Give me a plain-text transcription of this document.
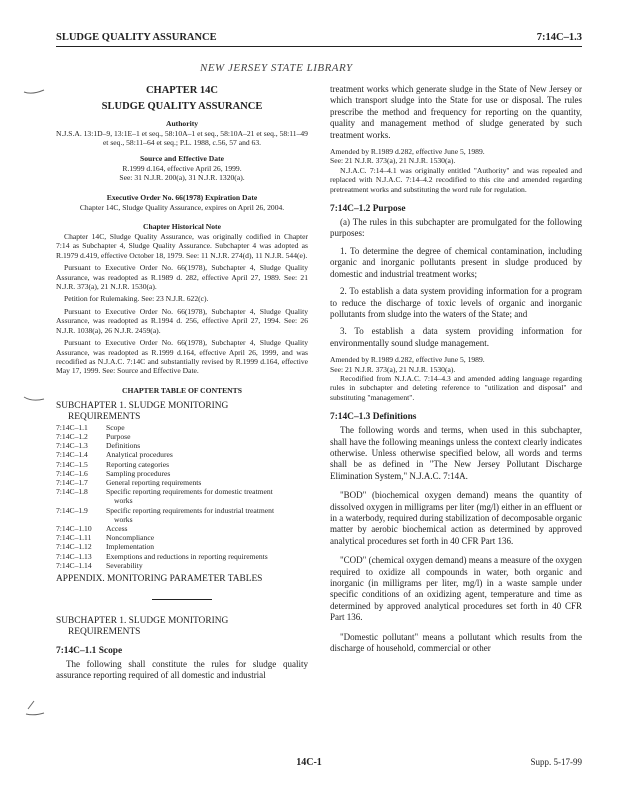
SLUDGE QUALITY ASSURANCE	7:14C–1.3
NEW JERSEY STATE LIBRARY
CHAPTER 14C
SLUDGE QUALITY ASSURANCE
Authority
N.J.S.A. 13:1D–9, 13:1E–1 et seq., 58:10A–1 et seq., 58:10A–21 et seq., 58:11–49 et seq., 58:11–64 et seq.; P.L. 1988, c.56, 57 and 63.
Source and Effective Date
R.1999 d.164, effective April 26, 1999.
See: 31 N.J.R. 200(a), 31 N.J.R. 1320(a).
Executive Order No. 66(1978) Expiration Date
Chapter 14C, Sludge Quality Assurance, expires on April 26, 2004.
Chapter Historical Note

Chapter 14C, Sludge Quality Assurance, was originally codified in Chapter 7:14 as Subchapter 4, Sludge Quality Assurance. Subchapter 4 was adopted as R.1979 d.419, effective October 18, 1979. See: 11 N.J.R. 274(d), 11 N.J.R. 544(e).

Pursuant to Executive Order No. 66(1978), Subchapter 4, Sludge Quality Assurance, was readopted as R.1989 d. 282, effective April 27, 1989. See: 21 N.J.R. 373(a), 21 N.J.R. 1530(a).

Petition for Rulemaking. See: 23 N.J.R. 622(c).

Pursuant to Executive Order No. 66(1978), Subchapter 4, Sludge Quality Assurance, was readopted as R.1994 d. 256, effective April 27, 1994. See: 26 N.J.R. 1038(a), 26 N.J.R. 2459(a).

Pursuant to Executive Order No. 66(1978), Subchapter 4, Sludge Quality Assurance, was readopted as R.1999 d.164, effective April 26, 1999, and was recodified as N.J.A.C. 7:14C and substantially revised by R.1999 d.164, effective May 17, 1999. See: Source and Effective Date.

CHAPTER TABLE OF CONTENTS
SUBCHAPTER 1. SLUDGE MONITORING
REQUIREMENTS
7:14C–1.1 Scope
7:14C–1.2 Purpose
7:14C–1.3 Definitions
7:14C–1.4 Analytical procedures
7:14C–1.5 Reporting categories
7:14C–1.6 Sampling procedures
7:14C–1.7 General reporting requirements
7:14C–1.8 Specific reporting requirements for domestic treatment
works
7:14C–1.9 Specific reporting requirements for industrial treatment
works
7:14C–1.10 Access
7:14C–1.11 Noncompliance
7:14C–1.12 Implementation
7:14C–1.13 Exemptions and reductions in reporting requirements
7:14C–1.14 Severability
APPENDIX. MONITORING PARAMETER TABLES
SUBCHAPTER 1. SLUDGE MONITORING
REQUIREMENTS
7:14C–1.1 Scope

The following shall constitute the rules for sludge quality assurance reporting required of all domestic and industrial

treatment works which generate sludge in the State of New Jersey or which transport sludge into the State for use or disposal. The rules prescribe the method and frequency for reporting on the quantity, quality and management method of sludge generated by such treatment works.

Amended by R.1989 d.282, effective June 5, 1989.

See: 21 N.J.R. 373(a), 21 N.J.R. 1530(a).

N.J.A.C. 7:14–4.1 was originally entitled "Authority" and was repealed and replaced with N.J.A.C. 7:14–4.2 recodified to this cite and amended regarding pretreatment works and substituting the word rule for regulation.

7:14C–1.2 Purpose

(a) The rules in this subchapter are promulgated for the following purposes:

1. To determine the degree of chemical contamination, including organic and inorganic pollutants present in sludge produced by domestic and industrial treatment works;

2. To establish a data system providing information for a program to reduce the discharge of toxic levels of organic and inorganic pollutants from sludge into the waters of the State; and

3. To establish a data system providing information for environmentally sound sludge management.

Amended by R.1989 d.282, effective June 5, 1989.

See: 21 N.J.R. 373(a), 21 N.J.R. 1530(a).

Recodified from N.J.A.C. 7:14–4.3 and amended adding language regarding rules in subchapter and deleting reference to "utilization and disposal" and substituting "management".

7:14C–1.3 Definitions

The following words and terms, when used in this subchapter, shall have the following meanings unless the context clearly indicates otherwise. Unless otherwise specified below, all words and terms shall be as defined in "The New Jersey Pollutant Discharge Elimination System," N.J.A.C. 7:14A.

"BOD" (biochemical oxygen demand) means the quantity of dissolved oxygen in milligrams per liter (mg/l) either in an effluent or in a waterbody, required during stabilization of decomposable organic matter by aerobic biochemical action as determined by approved analytical procedures set forth in 40 CFR Part 136.

"COD" (chemical oxygen demand) means a measure of the oxygen required to oxidize all compounds in water, both organic and inorganic (in milligrams per liter, mg/l) in a waste sample under specific conditions of an oxidizing agent, temperature and time as determined by approved analytical procedures set forth in 40 CFR Part 136.

"Domestic pollutant" means a pollutant which results from the discharge of household, commercial or other

14C-1	Supp. 5-17-99
